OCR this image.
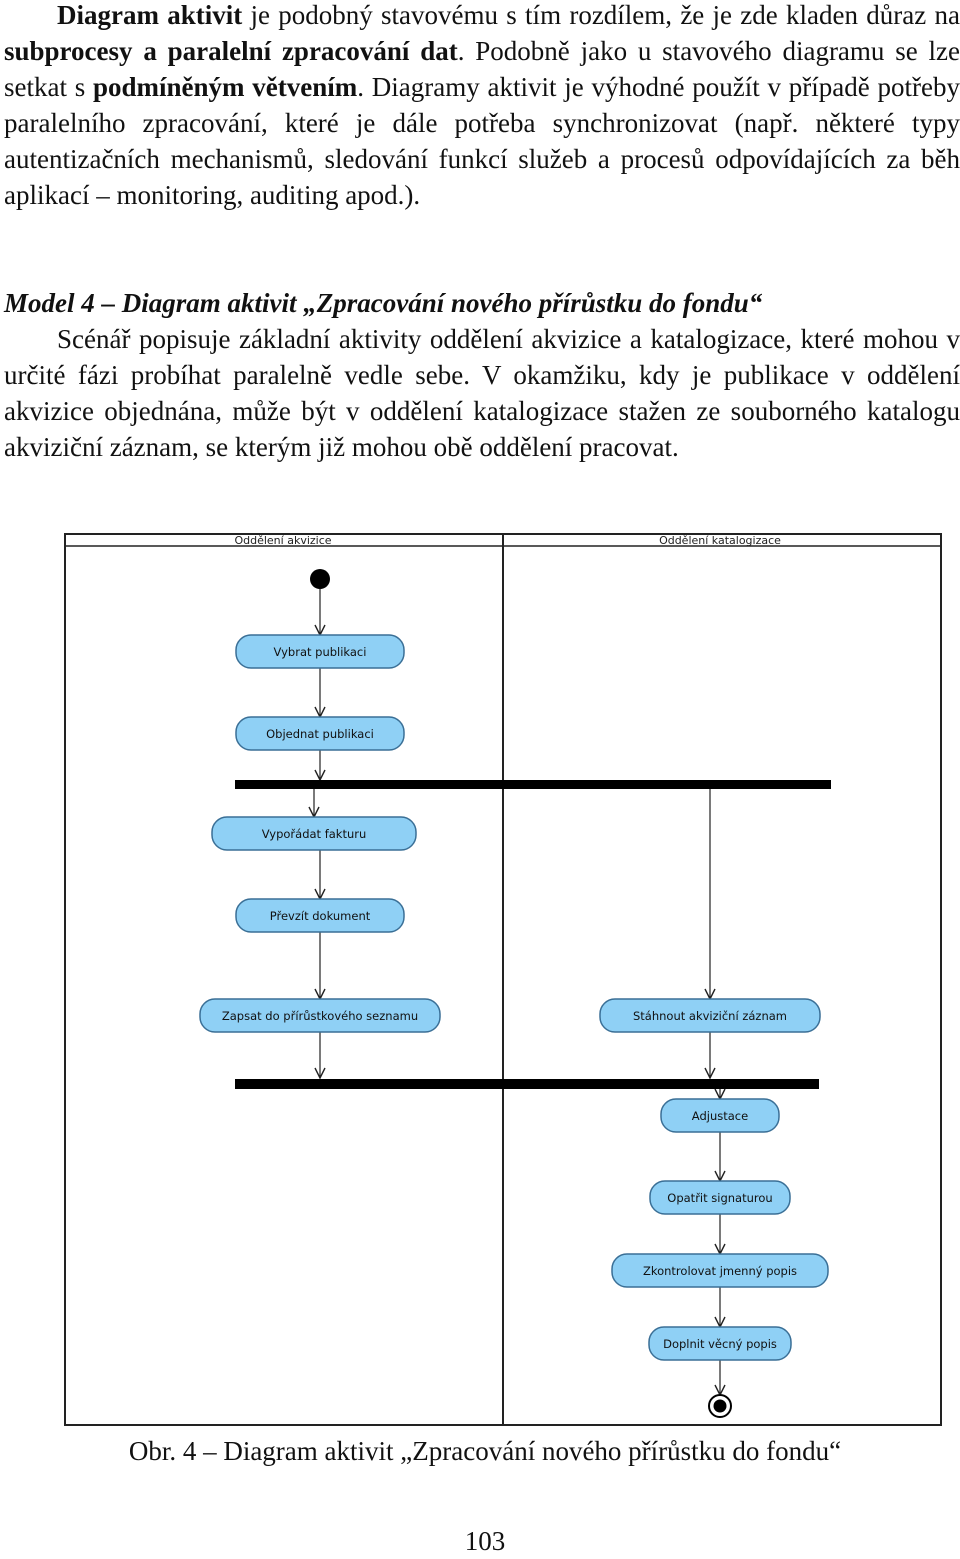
Diagram aktivit je podobný stavovému s tím rozdílem, že je zde kladen důraz na subprocesy a paralelní zpracování dat. Podobně jako u stavového diagramu se lze setkat s podmíněným větvením. Diagramy aktivit je výhodné použít v případě potřeby paralelního zpracování, které je dále potřeba synchronizovat (např. některé typy autentizačních mechanismů, sledování funkcí služeb a procesů odpovídajících za běh aplikací – monitoring, auditing apod.).

Model 4 – Diagram aktivit „Zpracování nového přírůstku do fondu“

Scénář popisuje základní aktivity oddělení akvizice a katalogizace, které mohou v určité fázi probíhat paralelně vedle sebe. V okamžiku, kdy je publikace v oddělení akvizice objednána, může být v oddělení katalogizace stažen ze souborného katalogu akviziční záznam, se kterým již mohou obě oddělení pracovat.

Oddělení akvizice	Oddělení katalogizace
Vybrat publikaci
Objednat publikaci
Vypořádat fakturu
Převzít dokument
Zapsat do přírůstkového seznamu	Stáhnout akviziční záznam
Adjustace
Opatřit signaturou
Zkontrolovat jmenný popis
Doplnit věcný popis
Obr. 4 – Diagram aktivit „Zpracování nového přírůstku do fondu“
103
